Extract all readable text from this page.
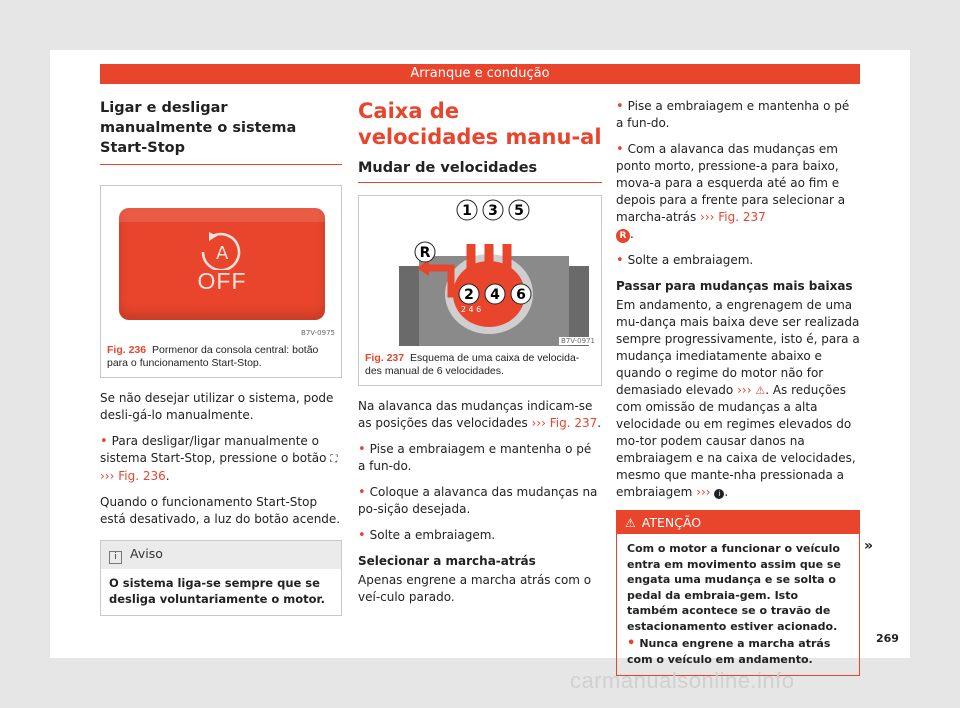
Arranque e condução
Ligar e desligar manualmente o sistema Start-Stop
A
OFF
B7V-0975
Fig. 236 Pormenor da consola central: botão para o funcionamento Start-Stop.

Se não desejar utilizar o sistema, pode desli-gá-lo manualmente.

• Para desligar/ligar manualmente o sistema Start-Stop, pressione o botão ⛶ ››› Fig. 236.

Quando o funcionamento Start-Stop está desativado, a luz do botão acende.

i Aviso
O sistema liga-se sempre que se desliga voluntariamente o motor.
Caixa de velocidades manu-al
Mudar de velocidades
2 4 6
1 3 5
R
2 4 6
B7V-0971
Fig. 237 Esquema de uma caixa de velocida-des manual de 6 velocidades.

Na alavanca das mudanças indicam-se as posições das velocidades ››› Fig. 237.

• Pise a embraiagem e mantenha o pé a fun-do.

• Coloque a alavanca das mudanças na po-sição desejada.

• Solte a embraiagem.

Selecionar a marcha-atrás

Apenas engrene a marcha atrás com o veí-culo parado.

• Pise a embraiagem e mantenha o pé a fun-do.

• Com a alavanca das mudanças em ponto morto, pressione-a para baixo, mova-a para a esquerda até ao fim e depois para a frente para selecionar a marcha-atrás ››› Fig. 237
R .

• Solte a embraiagem.

Passar para mudanças mais baixas

Em andamento, a engrenagem de uma mu-dança mais baixa deve ser realizada sempre progressivamente, isto é, para a mudança imediatamente abaixo e quando o regime do motor não for demasiado elevado ››› ⚠. As reduções com omissão de mudanças a alta velocidade ou em regimes elevados do mo-tor podem causar danos na embraiagem e na caixa de velocidades, mesmo que mante-nha pressionada a embraiagem ››› i .

⚠ ATENÇÃO

Com o motor a funcionar o veículo entra em movimento assim que se engata uma mudança e se solta o pedal da embraia-gem. Isto também acontece se o travão de estacionamento estiver acionado.

• Nunca engrene a marcha atrás com o veículo em andamento.

»
269
carmanualsonline.info
